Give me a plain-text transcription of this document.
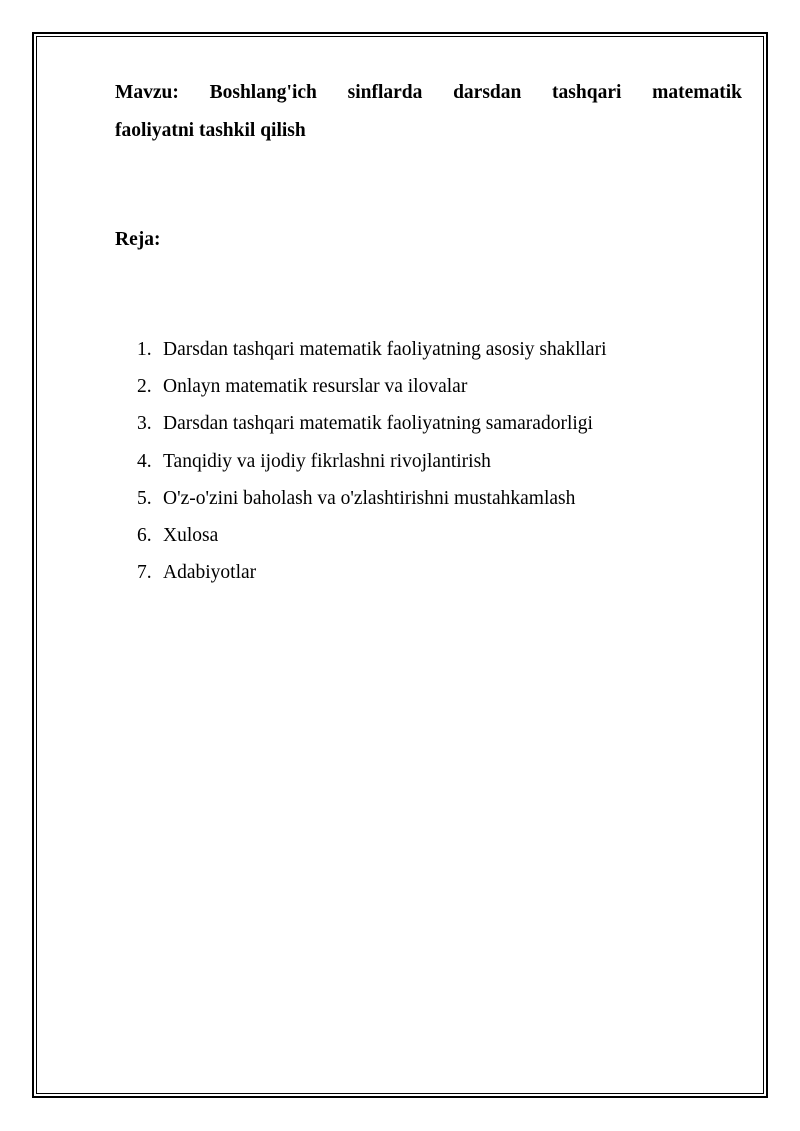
Mavzu: Boshlang'ich sinflarda darsdan tashqari matematik
faoliyatni tashkil qilish

Reja:

1. Darsdan tashqari matematik faoliyatning asosiy shakllari
2. Onlayn matematik resurslar va ilovalar
3. Darsdan tashqari matematik faoliyatning samaradorligi
4. Tanqidiy va ijodiy fikrlashni rivojlantirish
5. O'z-o'zini baholash va o'zlashtirishni mustahkamlash
6. Xulosa
7. Adabiyotlar
